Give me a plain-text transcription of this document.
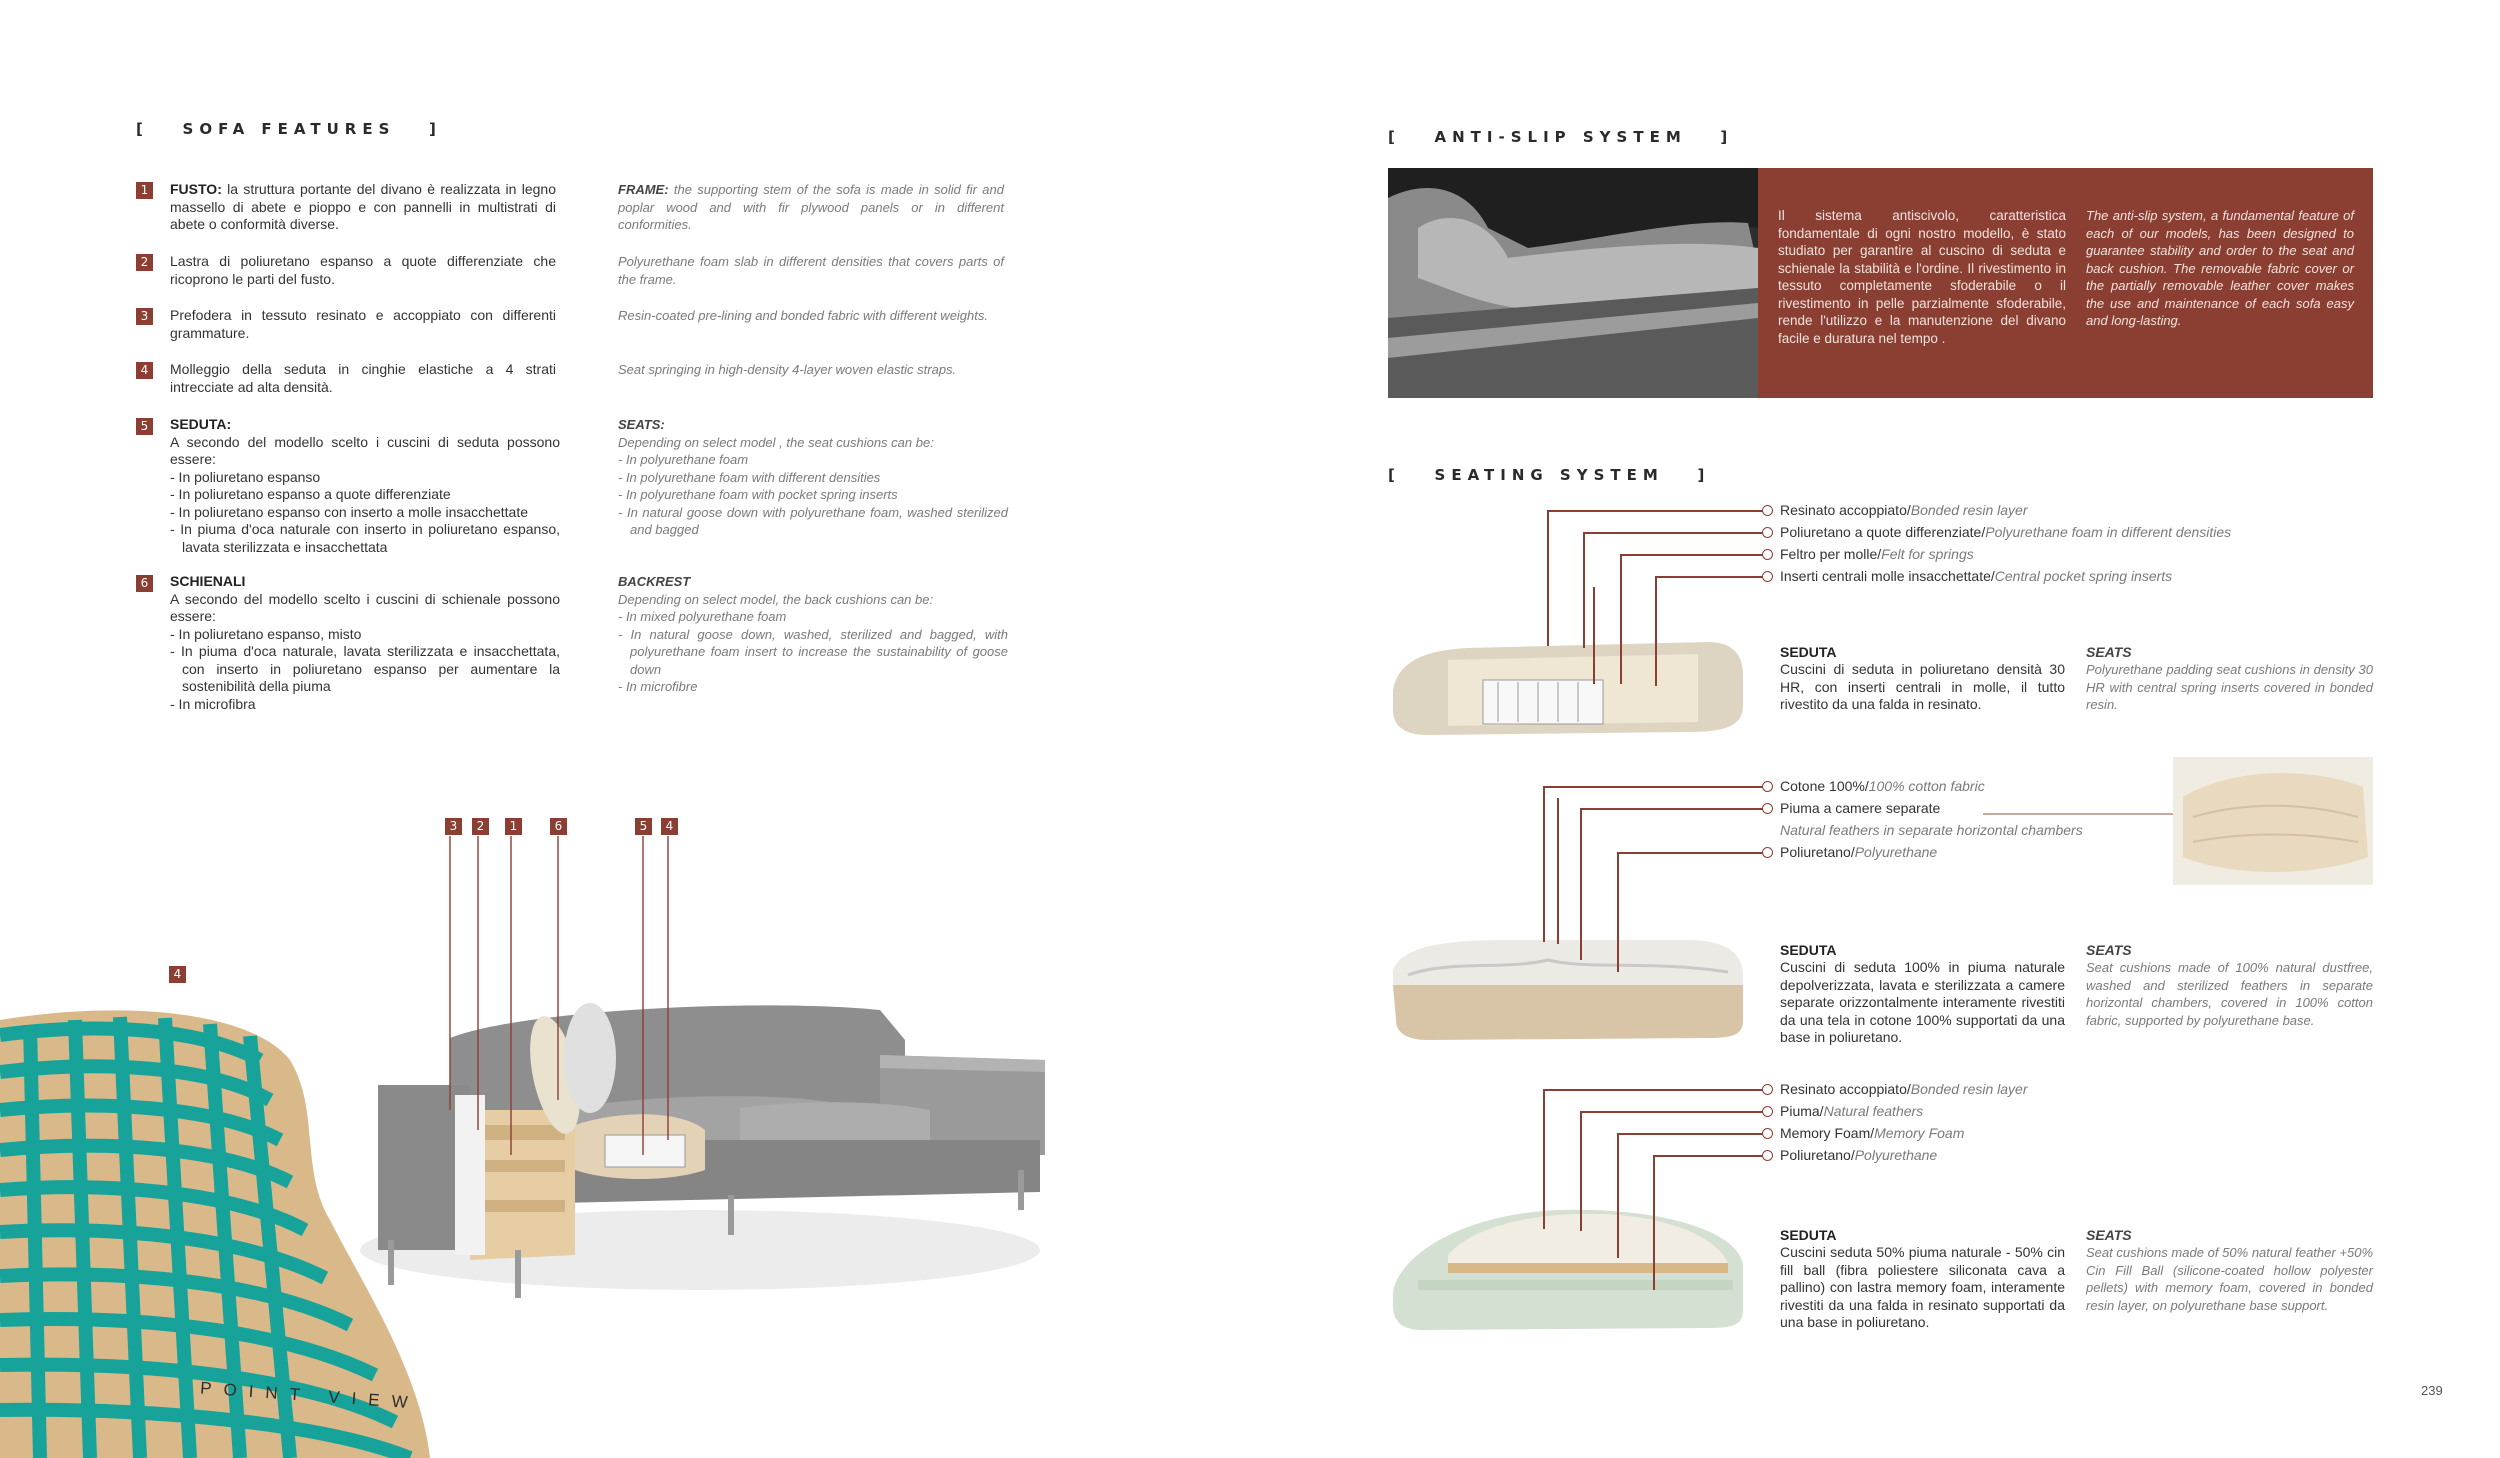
[   SOFA FEATURES   ]
1	FUSTO: la struttura portante del divano è realizzata in legno massello di abete e pioppo e con pannelli in multistrati di abete o conformità diverse.
FRAME: the supporting stem of the sofa is made in solid fir and poplar wood and with fir plywood panels or in different conformities.
2	Lastra di poliuretano espanso a quote differenziate che ricoprono le parti del fusto.
Polyurethane foam slab in different densities that covers parts of the frame.
3	Prefodera in tessuto resinato e accoppiato con differenti grammature.
Resin-coated pre-lining and bonded fabric with different weights.
4	Molleggio della seduta in cinghie elastiche a 4 strati intrecciate ad alta densità.
Seat springing in high-density 4-layer woven elastic straps.
5	SEDUTA:
A secondo del modello scelto i cuscini di seduta possono essere:
- In poliuretano espanso
- In poliuretano espanso a quote differenziate
- In poliuretano espanso con inserto a molle insacchettate
- In piuma d'oca naturale con inserto in poliuretano espanso, lavata sterilizzata e insacchettata
SEATS:
Depending on select model , the seat cushions can be:
- In polyurethane foam
- In polyurethane foam with different densities
- In polyurethane foam with pocket spring inserts
- In natural goose down with polyurethane foam, washed sterilized and bagged
6	SCHIENALI
A secondo del modello scelto i cuscini di schienale possono essere:
- In poliuretano espanso, misto
- In piuma d'oca naturale, lavata sterilizzata e insacchettata, con inserto in poliuretano espanso per aumentare la sostenibilità della piuma
- In microfibra
BACKREST
Depending on select model, the back cushions can be:
- In mixed polyurethane foam
- In natural goose down, washed, sterilized and bagged, with polyurethane foam insert to increase the sustainability of goose down
- In microfibre
3	2	1	6	5	4
4
POINT VIEW
[   ANTI-SLIP SYSTEM   ]
Il sistema antiscivolo, caratteristica fondamentale di ogni nostro modello, è stato studiato per garantire al cuscino di seduta e schienale la stabilità e l'ordine. Il rivestimento in tessuto completamente sfoderabile o il rivestimento in pelle parzialmente sfoderabile, rende l'utilizzo e la manutenzione del divano facile e duratura nel tempo .
The anti-slip system, a fundamental feature of each of our models, has been designed to guarantee stability and order to the seat and back cushion. The removable fabric cover or the partially removable leather cover makes the use and maintenance of each sofa easy and long-lasting.
[   SEATING SYSTEM   ]
Resinato accoppiato/Bonded resin layer
Poliuretano a quote differenziate/Polyurethane foam in different densities
Feltro per molle/Felt for springs
Inserti centrali molle insacchettate/Central pocket spring inserts
SEDUTA
Cuscini di seduta in poliuretano densità 30 HR, con inserti centrali in molle, il tutto rivestito da una falda in resinato.
SEATS
Polyurethane padding seat cushions in density 30 HR with central spring inserts covered in bonded resin.
Cotone 100%/100% cotton fabric
Piuma a camere separate
Natural feathers in separate horizontal chambers
Poliuretano/Polyurethane
SEDUTA
Cuscini di seduta 100% in piuma naturale depolverizzata, lavata e sterilizzata a camere separate orizzontalmente interamente rivestiti da una tela in cotone 100% supportati da una base in poliuretano.
SEATS
Seat cushions made of 100% natural dustfree, washed and sterilized feathers in separate horizontal chambers, covered in 100% cotton fabric, supported by polyurethane base.
Resinato accoppiato/Bonded resin layer
Piuma/Natural feathers
Memory Foam/Memory Foam
Poliuretano/Polyurethane
SEDUTA
Cuscini seduta 50% piuma naturale - 50% cin fill ball (fibra poliestere siliconata cava a pallino) con lastra memory foam, interamente rivestiti da una falda in resinato supportati da una base in poliuretano.
SEATS
Seat cushions made of 50% natural feather +50% Cin Fill Ball (silicone-coated hollow polyester pellets) with memory foam, covered in bonded resin layer, on polyurethane base support.
239
